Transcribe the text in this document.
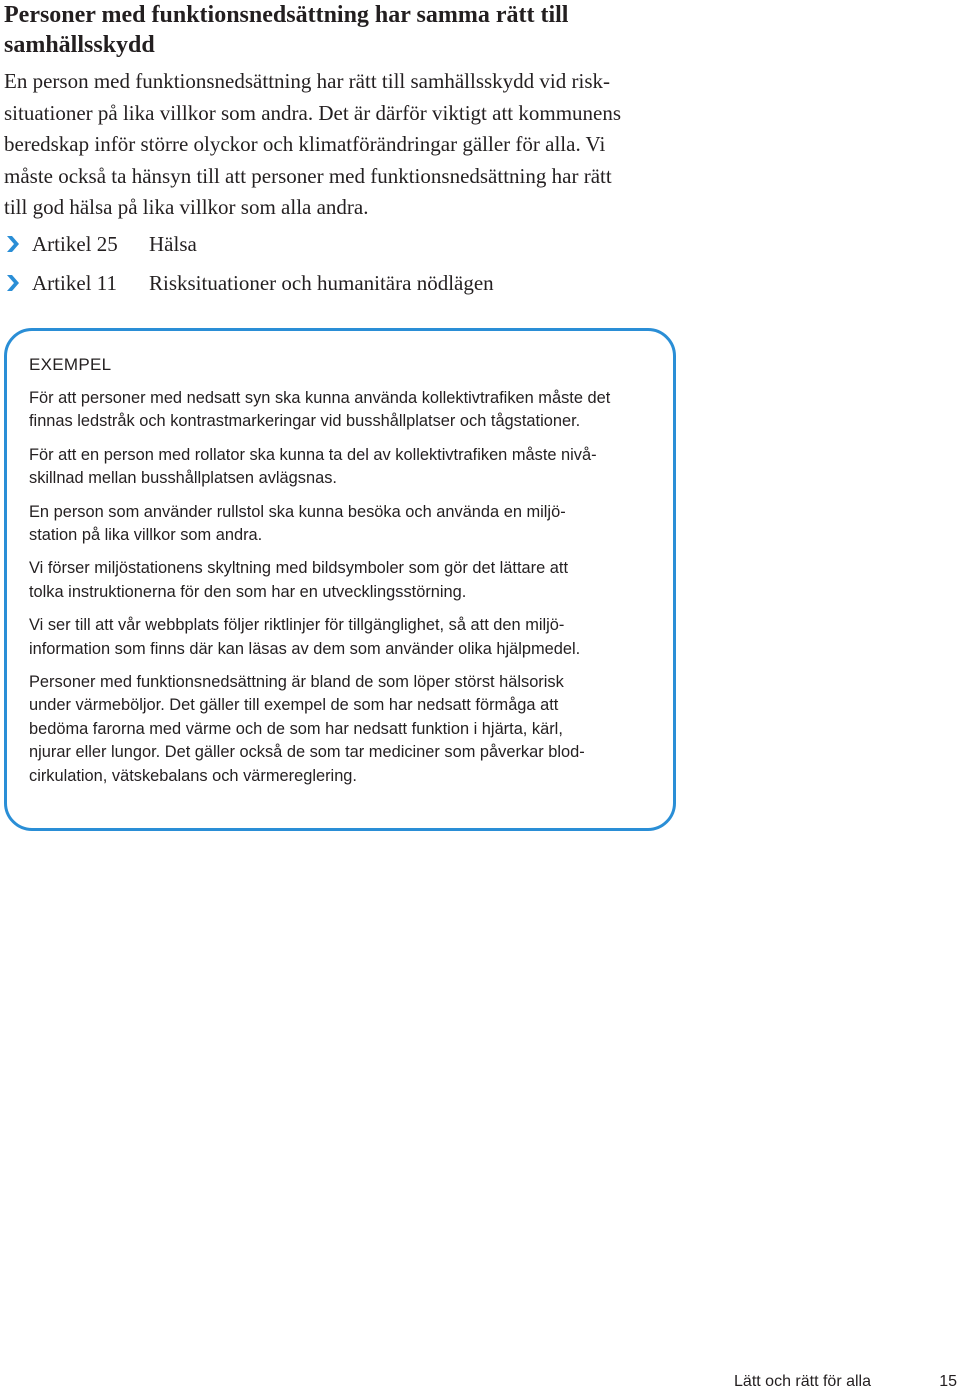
Personer med funktionsnedsättning har samma rätt till
samhällsskydd

En person med funktionsnedsättning har rätt till samhällsskydd vid risk-
situationer på lika villkor som andra. Det är därför viktigt att kommunens
beredskap inför större olyckor och klimatförändringar gäller för alla. Vi
måste också ta hänsyn till att personer med funktionsnedsättning har rätt
till god hälsa på lika villkor som alla andra.

Artikel 25 Hälsa
Artikel 11 Risksituationer och humanitära nödlägen

EXEMPEL

För att personer med nedsatt syn ska kunna använda kollektivtrafiken måste det
finnas ledstråk och kontrastmarkeringar vid busshållplatser och tågstationer.

För att en person med rollator ska kunna ta del av kollektivtrafiken måste nivå-
skillnad mellan busshållplatsen avlägsnas.

En person som använder rullstol ska kunna besöka och använda en miljö-
station på lika villkor som andra.

Vi förser miljöstationens skyltning med bildsymboler som gör det lättare att
tolka instruktionerna för den som har en utvecklingsstörning.

Vi ser till att vår webbplats följer riktlinjer för tillgänglighet, så att den miljö-
information som finns där kan läsas av dem som använder olika hjälpmedel.

Personer med funktionsnedsättning är bland de som löper störst hälsorisk
under värmeböljor. Det gäller till exempel de som har nedsatt förmåga att
bedöma farorna med värme och de som har nedsatt funktion i hjärta, kärl,
njurar eller lungor. Det gäller också de som tar mediciner som påverkar blod-
cirkulation, vätskebalans och värmereglering.

Lätt och rätt för alla	15
